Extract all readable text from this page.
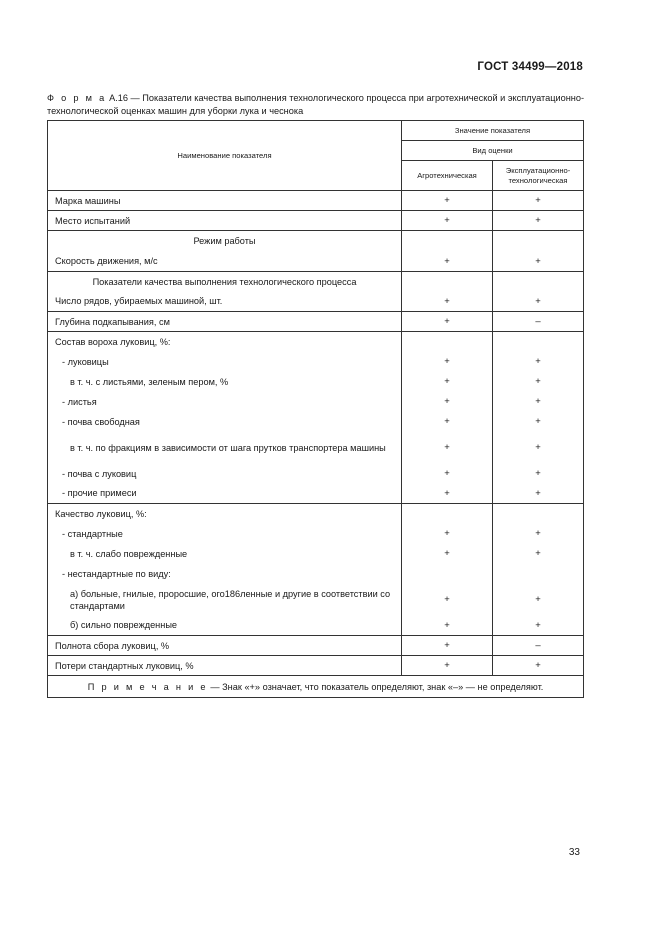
ГОСТ 34499—2018
Ф о р м а А.16 — Показатели качества выполнения технологического процесса при агротехнической и эксплуатационно-технологической оценках машин для уборки лука и чеснока
Наименование показателя	Значение показателя	
	Вид оценки	
	Агротехническая	Эксплуатационно-технологическая
Марка машины	+	+
Место испытаний	+	+
Режим работы		
Скорость движения, м/с	+	+
Показатели качества выполнения технологического процесса		
Число рядов, убираемых машиной, шт.	+	+
Глубина подкапывания, см	+	–
Состав вороха луковиц, %:		
- луковицы	+	+
в т. ч. с листьями, зеленым пером, %	+	+
- листья	+	+
- почва свободная	+	+
в т. ч. по фракциям в зависимости от шага прутков транспортера машины	+	+
- почва с луковиц	+	+
- прочие примеси	+	+
Качество луковиц, %:		
- стандартные	+	+
в т. ч. слабо поврежденные	+	+
- нестандартные по виду:		
а) больные, гнилые, проросшие, ого186ленные и другие в соответствии со стандартами	+	+
б) сильно поврежденные	+	+
Полнота сбора луковиц, %	+	–
Потери стандартных луковиц, %	+	+
П р и м е ч а н и е — Знак «+» означает, что показатель определяют, знак «–» — не определяют.		
33
